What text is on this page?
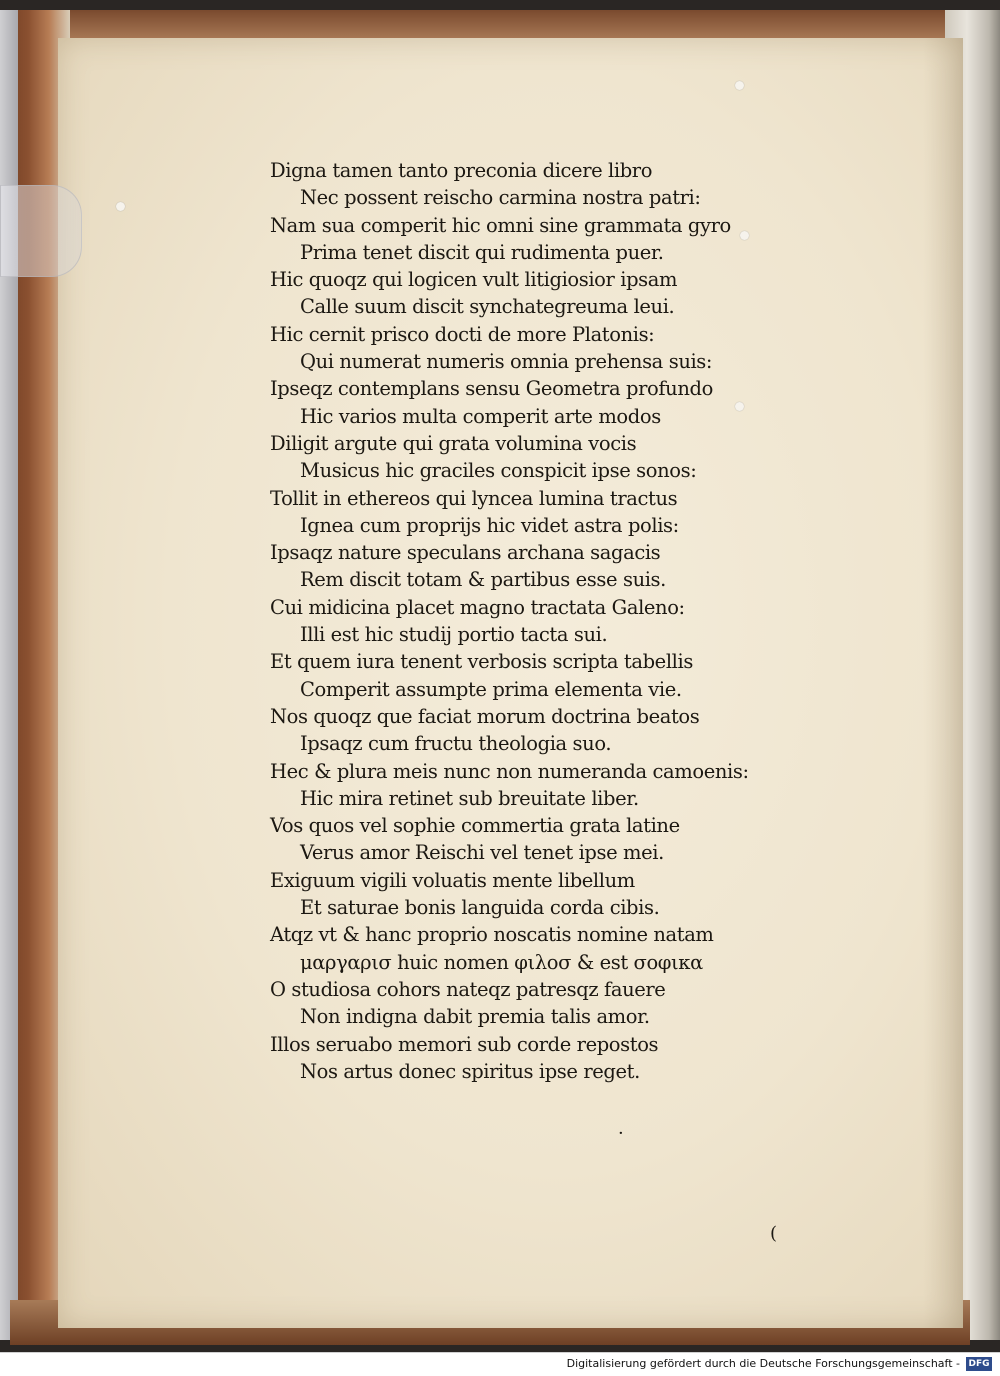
·
(
Digna tamen tanto preconia dicere libro
Nec possent reischo carmina nostra patri:
Nam sua comperit hic omni sine grammata gyro
Prima tenet discit qui rudimenta puer.
Hic quoqz qui logicen vult litigiosior ipsam
Calle suum discit synchategreuma leui.
Hic cernit prisco docti de more Platonis:
Qui numerat numeris omnia prehensa suis:
Ipseqz contemplans sensu Geometra profundo
Hic varios multa comperit arte modos
Diligit argute qui grata volumina vocis
Musicus hic graciles conspicit ipse sonos:
Tollit in ethereos qui lyncea lumina tractus
Ignea cum proprijs hic videt astra polis:
Ipsaqz nature speculans archana sagacis
Rem discit totam & partibus esse suis.
Cui midicina placet magno tractata Galeno:
Illi est hic studij portio tacta sui.
Et quem iura tenent verbosis scripta tabellis
Comperit assumpte prima elementa vie.
Nos quoqz que faciat morum doctrina beatos
Ipsaqz cum fructu theologia suo.
Hec & plura meis nunc non numeranda camoenis:
Hic mira retinet sub breuitate liber.
Vos quos vel sophie commertia grata latine
Verus amor Reischi vel tenet ipse mei.
Exiguum vigili voluatis mente libellum
Et saturae bonis languida corda cibis.
Atqz vt & hanc proprio noscatis nomine natam
μαργαρισ huic nomen φιλοσ & est σοφικα
O studiosa cohors nateqz patresqz fauere
Non indigna dabit premia talis amor.
Illos seruabo memori sub corde repostos
Nos artus donec spiritus ipse reget.
Digitalisierung gefördert durch die Deutsche Forschungsgemeinschaft - DFG
